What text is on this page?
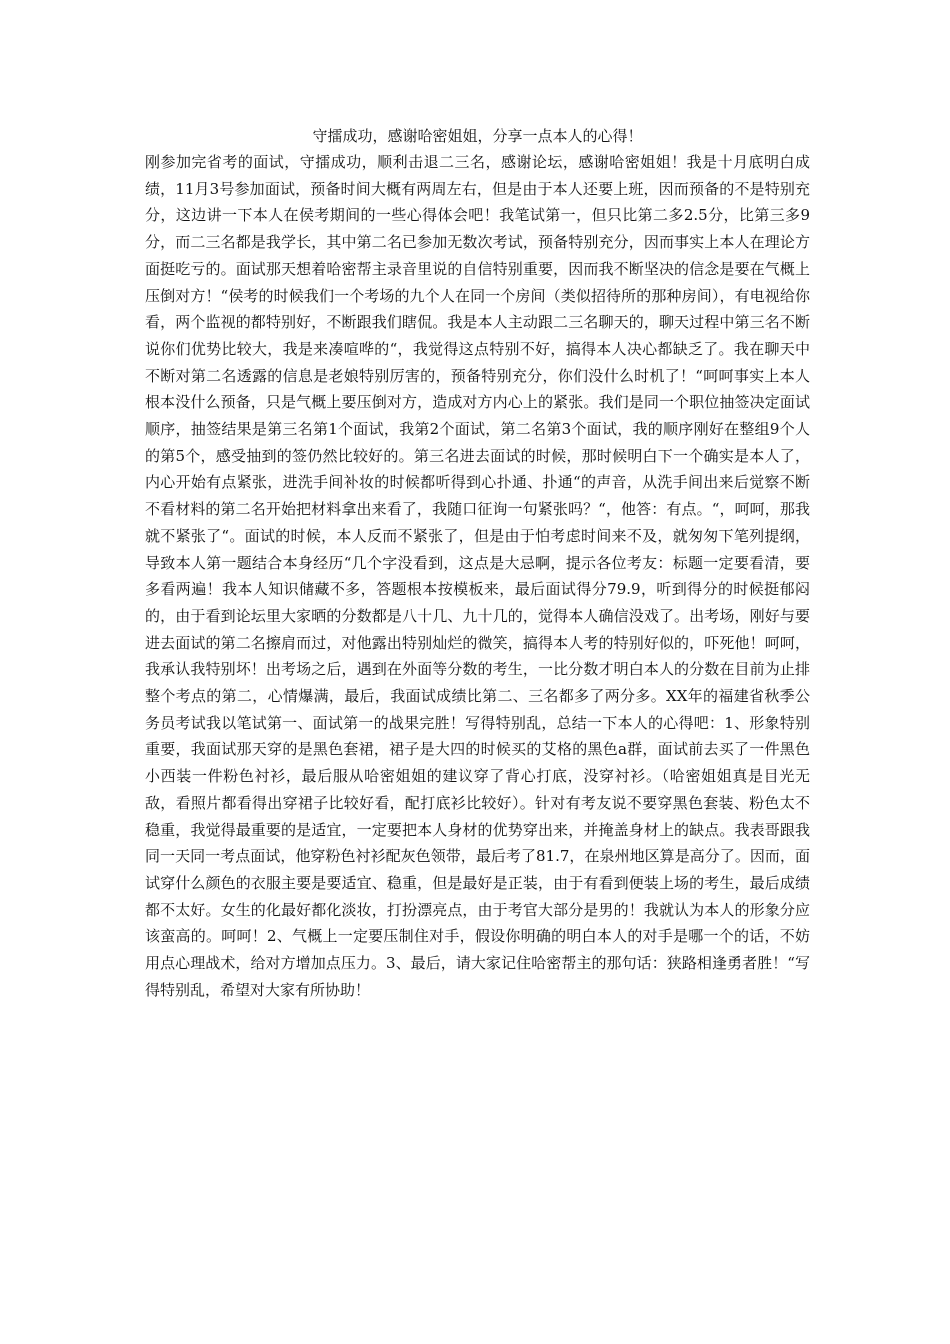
守擂成功，感谢哈密姐姐，分享一点本人的心得！

刚参加完省考的面试，守擂成功，顺利击退二三名，感谢论坛，感谢哈密姐姐！我是十月底明白成绩，11月3号参加面试，预备时间大概有两周左右，但是由于本人还要上班，因而预备的不是特别充分，这边讲一下本人在侯考期间的一些心得体会吧！我笔试第一，但只比第二多2.5分，比第三多9分，而二三名都是我学长，其中第二名已参加无数次考试，预备特别充分，因而事实上本人在理论方面挺吃亏的。面试那天想着哈密帮主录音里说的自信特别重要，因而我不断坚决的信念是要在气概上压倒对方！“侯考的时候我们一个考场的九个人在同一个房间（类似招待所的那种房间），有电视给你看，两个监视的都特别好，不断跟我们瞎侃。我是本人主动跟二三名聊天的，聊天过程中第三名不断说你们优势比较大，我是来凑喧哗的“，我觉得这点特别不好，搞得本人决心都缺乏了。我在聊天中不断对第二名透露的信息是老娘特别厉害的，预备特别充分，你们没什么时机了！“呵呵事实上本人根本没什么预备，只是气概上要压倒对方，造成对方内心上的紧张。我们是同一个职位抽签决定面试顺序，抽签结果是第三名第1个面试，我第2个面试，第二名第3个面试，我的顺序刚好在整组9个人的第5个，感受抽到的签仍然比较好的。第三名进去面试的时候，那时候明白下一个确实是本人了，内心开始有点紧张，进洗手间补妆的时候都听得到心扑通、扑通“的声音，从洗手间出来后觉察不断不看材料的第二名开始把材料拿出来看了，我随口征询一句紧张吗？“，他答：有点。“，呵呵，那我就不紧张了“。面试的时候，本人反而不紧张了，但是由于怕考虑时间来不及，就匆匆下笔列提纲，导致本人第一题结合本身经历“几个字没看到，这点是大忌啊，提示各位考友：标题一定要看清，要多看两遍！我本人知识储藏不多，答题根本按模板来，最后面试得分79.9，听到得分的时候挺郁闷的，由于看到论坛里大家晒的分数都是八十几、九十几的，觉得本人确信没戏了。出考场，刚好与要进去面试的第二名擦肩而过，对他露出特别灿烂的微笑，搞得本人考的特别好似的，吓死他！呵呵，我承认我特别坏！出考场之后，遇到在外面等分数的考生，一比分数才明白本人的分数在目前为止排整个考点的第二，心情爆满，最后，我面试成绩比第二、三名都多了两分多。XX年的福建省秋季公务员考试我以笔试第一、面试第一的战果完胜！写得特别乱，总结一下本人的心得吧：1、形象特别重要，我面试那天穿的是黑色套裙，裙子是大四的时候买的艾格的黑色a群，面试前去买了一件黑色小西装一件粉色衬衫，最后服从哈密姐姐的建议穿了背心打底，没穿衬衫。（哈密姐姐真是目光无敌，看照片都看得出穿裙子比较好看，配打底衫比较好）。针对有考友说不要穿黑色套装、粉色太不稳重，我觉得最重要的是适宜，一定要把本人身材的优势穿出来，并掩盖身材上的缺点。我表哥跟我同一天同一考点面试，他穿粉色衬衫配灰色领带，最后考了81.7，在泉州地区算是高分了。因而，面试穿什么颜色的衣服主要是要适宜、稳重，但是最好是正装，由于有看到便装上场的考生，最后成绩都不太好。女生的化最好都化淡妆，打扮漂亮点，由于考官大部分是男的！我就认为本人的形象分应该蛮高的。呵呵！2、气概上一定要压制住对手，假设你明确的明白本人的对手是哪一个的话，不妨用点心理战术，给对方增加点压力。3、最后，请大家记住哈密帮主的那句话：狭路相逢勇者胜！“写得特别乱，希望对大家有所协助！
